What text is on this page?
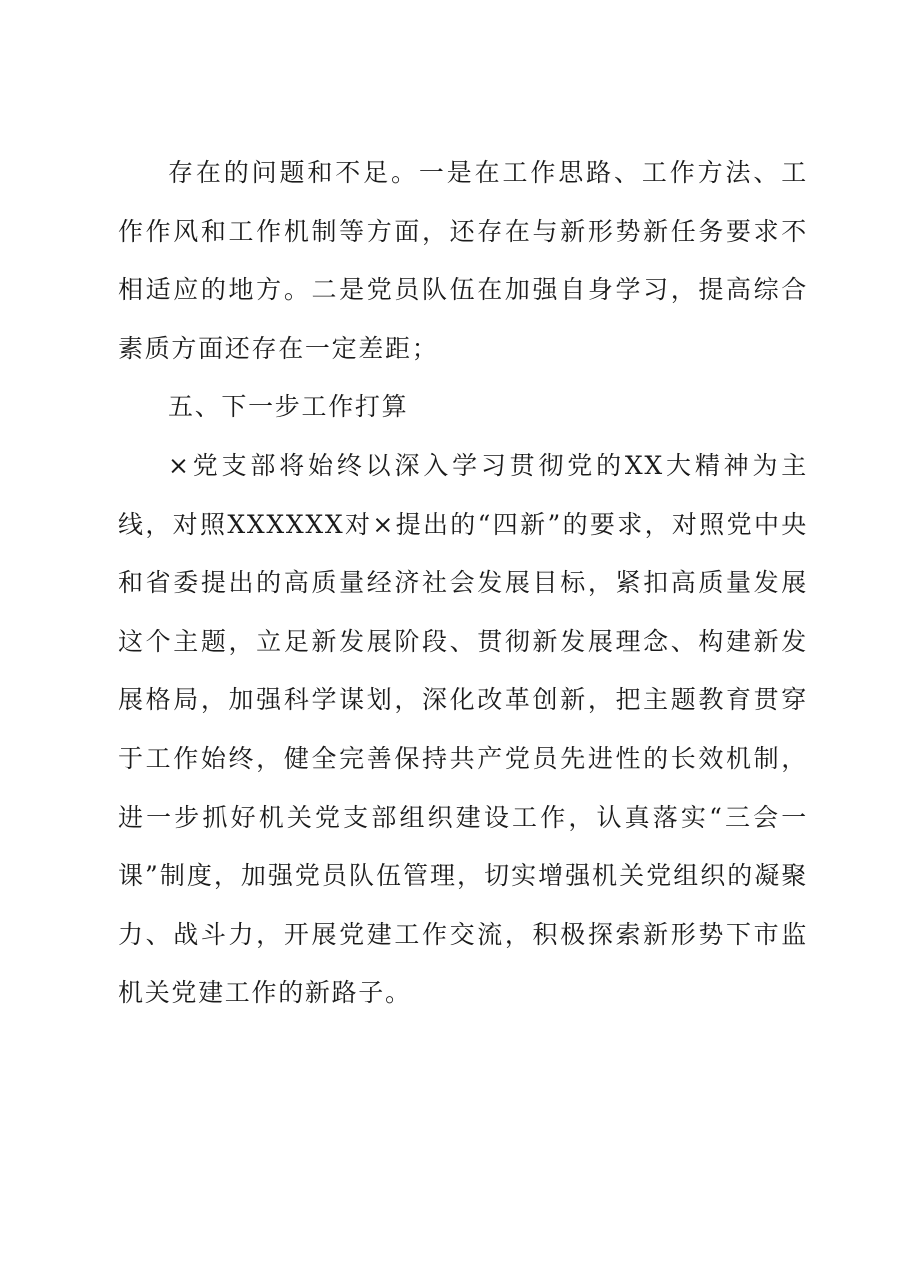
存在的问题和不足。一是在工作思路、工作方法、工作作风和工作机制等方面，还存在与新形势新任务要求不相适应的地方。二是党员队伍在加强自身学习，提高综合素质方面还存在一定差距；

五、下一步工作打算

×党支部将始终以深入学习贯彻党的XX大精神为主线，对照XXXXXX对×提出的“四新”的要求，对照党中央和省委提出的高质量经济社会发展目标，紧扣高质量发展这个主题，立足新发展阶段、贯彻新发展理念、构建新发展格局，加强科学谋划，深化改革创新，把主题教育贯穿于工作始终，健全完善保持共产党员先进性的长效机制，进一步抓好机关党支部组织建设工作，认真落实“三会一课”制度，加强党员队伍管理，切实增强机关党组织的凝聚力、战斗力，开展党建工作交流，积极探索新形势下市监机关党建工作的新路子。
